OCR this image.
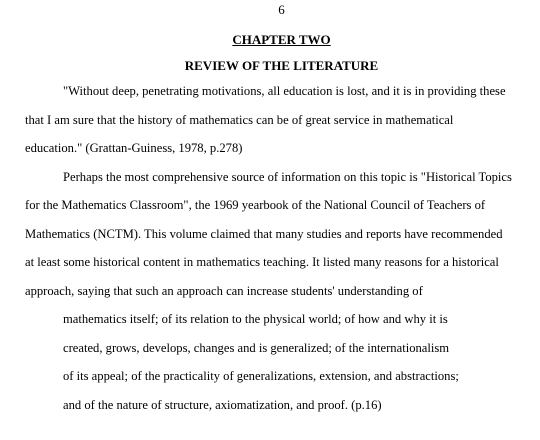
6

CHAPTER TWO

REVIEW OF THE LITERATURE

"Without deep, penetrating motivations, all education is lost, and it is in providing these
that I am sure that the history of mathematics can be of great service in mathematical
education." (Grattan-Guiness, 1978, p.278)

Perhaps the most comprehensive source of information on this topic is "Historical Topics
for the Mathematics Classroom", the 1969 yearbook of the National Council of Teachers of
Mathematics (NCTM). This volume claimed that many studies and reports have recommended
at least some historical content in mathematics teaching. It listed many reasons for a historical
approach, saying that such an approach can increase students' understanding of

mathematics itself; of its relation to the physical world; of how and why it is
created, grows, develops, changes and is generalized; of the internationalism
of its appeal; of the practicality of generalizations, extension, and abstractions;
and of the nature of structure, axiomatization, and proof. (p.16)
